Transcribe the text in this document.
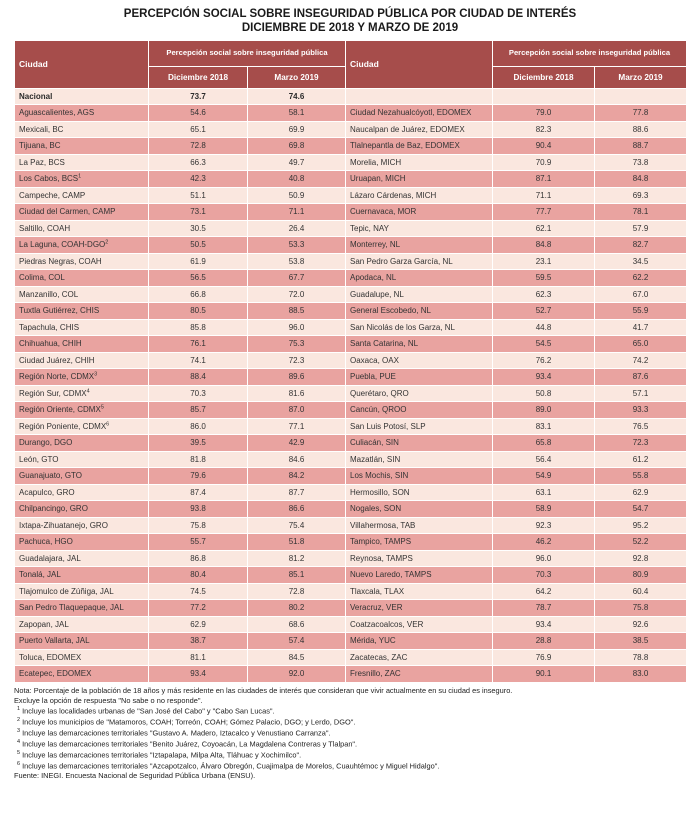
PERCEPCIÓN SOCIAL SOBRE INSEGURIDAD PÚBLICA POR CIUDAD DE INTERÉS
DICIEMBRE DE 2018 Y MARZO DE 2019
Ciudad	Percepción social sobre inseguridad pública		Ciudad	Percepción social sobre inseguridad pública	
	Diciembre 2018	Marzo 2019		Diciembre 2018	Marzo 2019
Nacional	73.7	74.6			
Aguascalientes, AGS	54.6	58.1	Ciudad Nezahualcóyotl, EDOMEX	79.0	77.8
Mexicali, BC	65.1	69.9	Naucalpan de Juárez, EDOMEX	82.3	88.6
Tijuana, BC	72.8	69.8	Tlalnepantla de Baz, EDOMEX	90.4	88.7
La Paz, BCS	66.3	49.7	Morelia, MICH	70.9	73.8
Los Cabos, BCS$^1$	42.3	40.8	Uruapan, MICH	87.1	84.8
Campeche, CAMP	51.1	50.9	Lázaro Cárdenas, MICH	71.1	69.3
Ciudad del Carmen, CAMP	73.1	71.1	Cuernavaca, MOR	77.7	78.1
Saltillo, COAH	30.5	26.4	Tepic, NAY	62.1	57.9
La Laguna, COAH-DGO$^2$	50.5	53.3	Monterrey, NL	84.8	82.7
Piedras Negras, COAH	61.9	53.8	San Pedro Garza García, NL	23.1	34.5
Colima, COL	56.5	67.7	Apodaca, NL	59.5	62.2
Manzanillo, COL	66.8	72.0	Guadalupe, NL	62.3	67.0
Tuxtla Gutiérrez, CHIS	80.5	88.5	General Escobedo, NL	52.7	55.9
Tapachula, CHIS	85.8	96.0	San Nicolás de los Garza, NL	44.8	41.7
Chihuahua, CHIH	76.1	75.3	Santa Catarina, NL	54.5	65.0
Ciudad Juárez, CHIH	74.1	72.3	Oaxaca, OAX	76.2	74.2
Región Norte, CDMX$^3$	88.4	89.6	Puebla, PUE	93.4	87.6
Región Sur, CDMX$^4$	70.3	81.6	Querétaro, QRO	50.8	57.1
Región Oriente, CDMX$^5$	85.7	87.0	Cancún, QROO	89.0	93.3
Región Poniente, CDMX$^6$	86.0	77.1	San Luis Potosí, SLP	83.1	76.5
Durango, DGO	39.5	42.9	Culiacán, SIN	65.8	72.3
León, GTO	81.8	84.6	Mazatlán, SIN	56.4	61.2
Guanajuato, GTO	79.6	84.2	Los Mochis, SIN	54.9	55.8
Acapulco, GRO	87.4	87.7	Hermosillo, SON	63.1	62.9
Chilpancingo, GRO	93.8	86.6	Nogales, SON	58.9	54.7
Ixtapa-Zihuatanejo, GRO	75.8	75.4	Villahermosa, TAB	92.3	95.2
Pachuca, HGO	55.7	51.8	Tampico, TAMPS	46.2	52.2
Guadalajara, JAL	86.8	81.2	Reynosa, TAMPS	96.0	92.8
Tonalá, JAL	80.4	85.1	Nuevo Laredo, TAMPS	70.3	80.9
Tlajomulco de Zúñiga, JAL	74.5	72.8	Tlaxcala, TLAX	64.2	60.4
San Pedro Tlaquepaque, JAL	77.2	80.2	Veracruz, VER	78.7	75.8
Zapopan, JAL	62.9	68.6	Coatzacoalcos, VER	93.4	92.6
Puerto Vallarta, JAL	38.7	57.4	Mérida, YUC	28.8	38.5
Toluca, EDOMEX	81.1	84.5	Zacatecas, ZAC	76.9	78.8
Ecatepec, EDOMEX	93.4	92.0	Fresnillo, ZAC	90.1	83.0
Nota: Porcentaje de la población de 18 años y más residente en las ciudades de interés que consideran que vivir actualmente en su ciudad es inseguro.
Excluye la opción de respuesta "No sabe o no responde".
$^1$ Incluye las localidades urbanas de "San José del Cabo" y "Cabo San Lucas".
$^2$ Incluye los municipios de "Matamoros, COAH; Torreón, COAH; Gómez Palacio, DGO; y Lerdo, DGO".
$^3$ Incluye las demarcaciones territoriales "Gustavo A. Madero, Iztacalco y Venustiano Carranza".
$^4$ Incluye las demarcaciones territoriales "Benito Juárez, Coyoacán, La Magdalena Contreras y Tlalpan".
$^5$ Incluye las demarcaciones territoriales "Iztapalapa, Milpa Alta, Tláhuac y Xochimilco".
$^6$ Incluye las demarcaciones territoriales "Azcapotzalco, Álvaro Obregón, Cuajimalpa de Morelos, Cuauhtémoc y Miguel Hidalgo".
Fuente: INEGI. Encuesta Nacional de Seguridad Pública Urbana (ENSU).
